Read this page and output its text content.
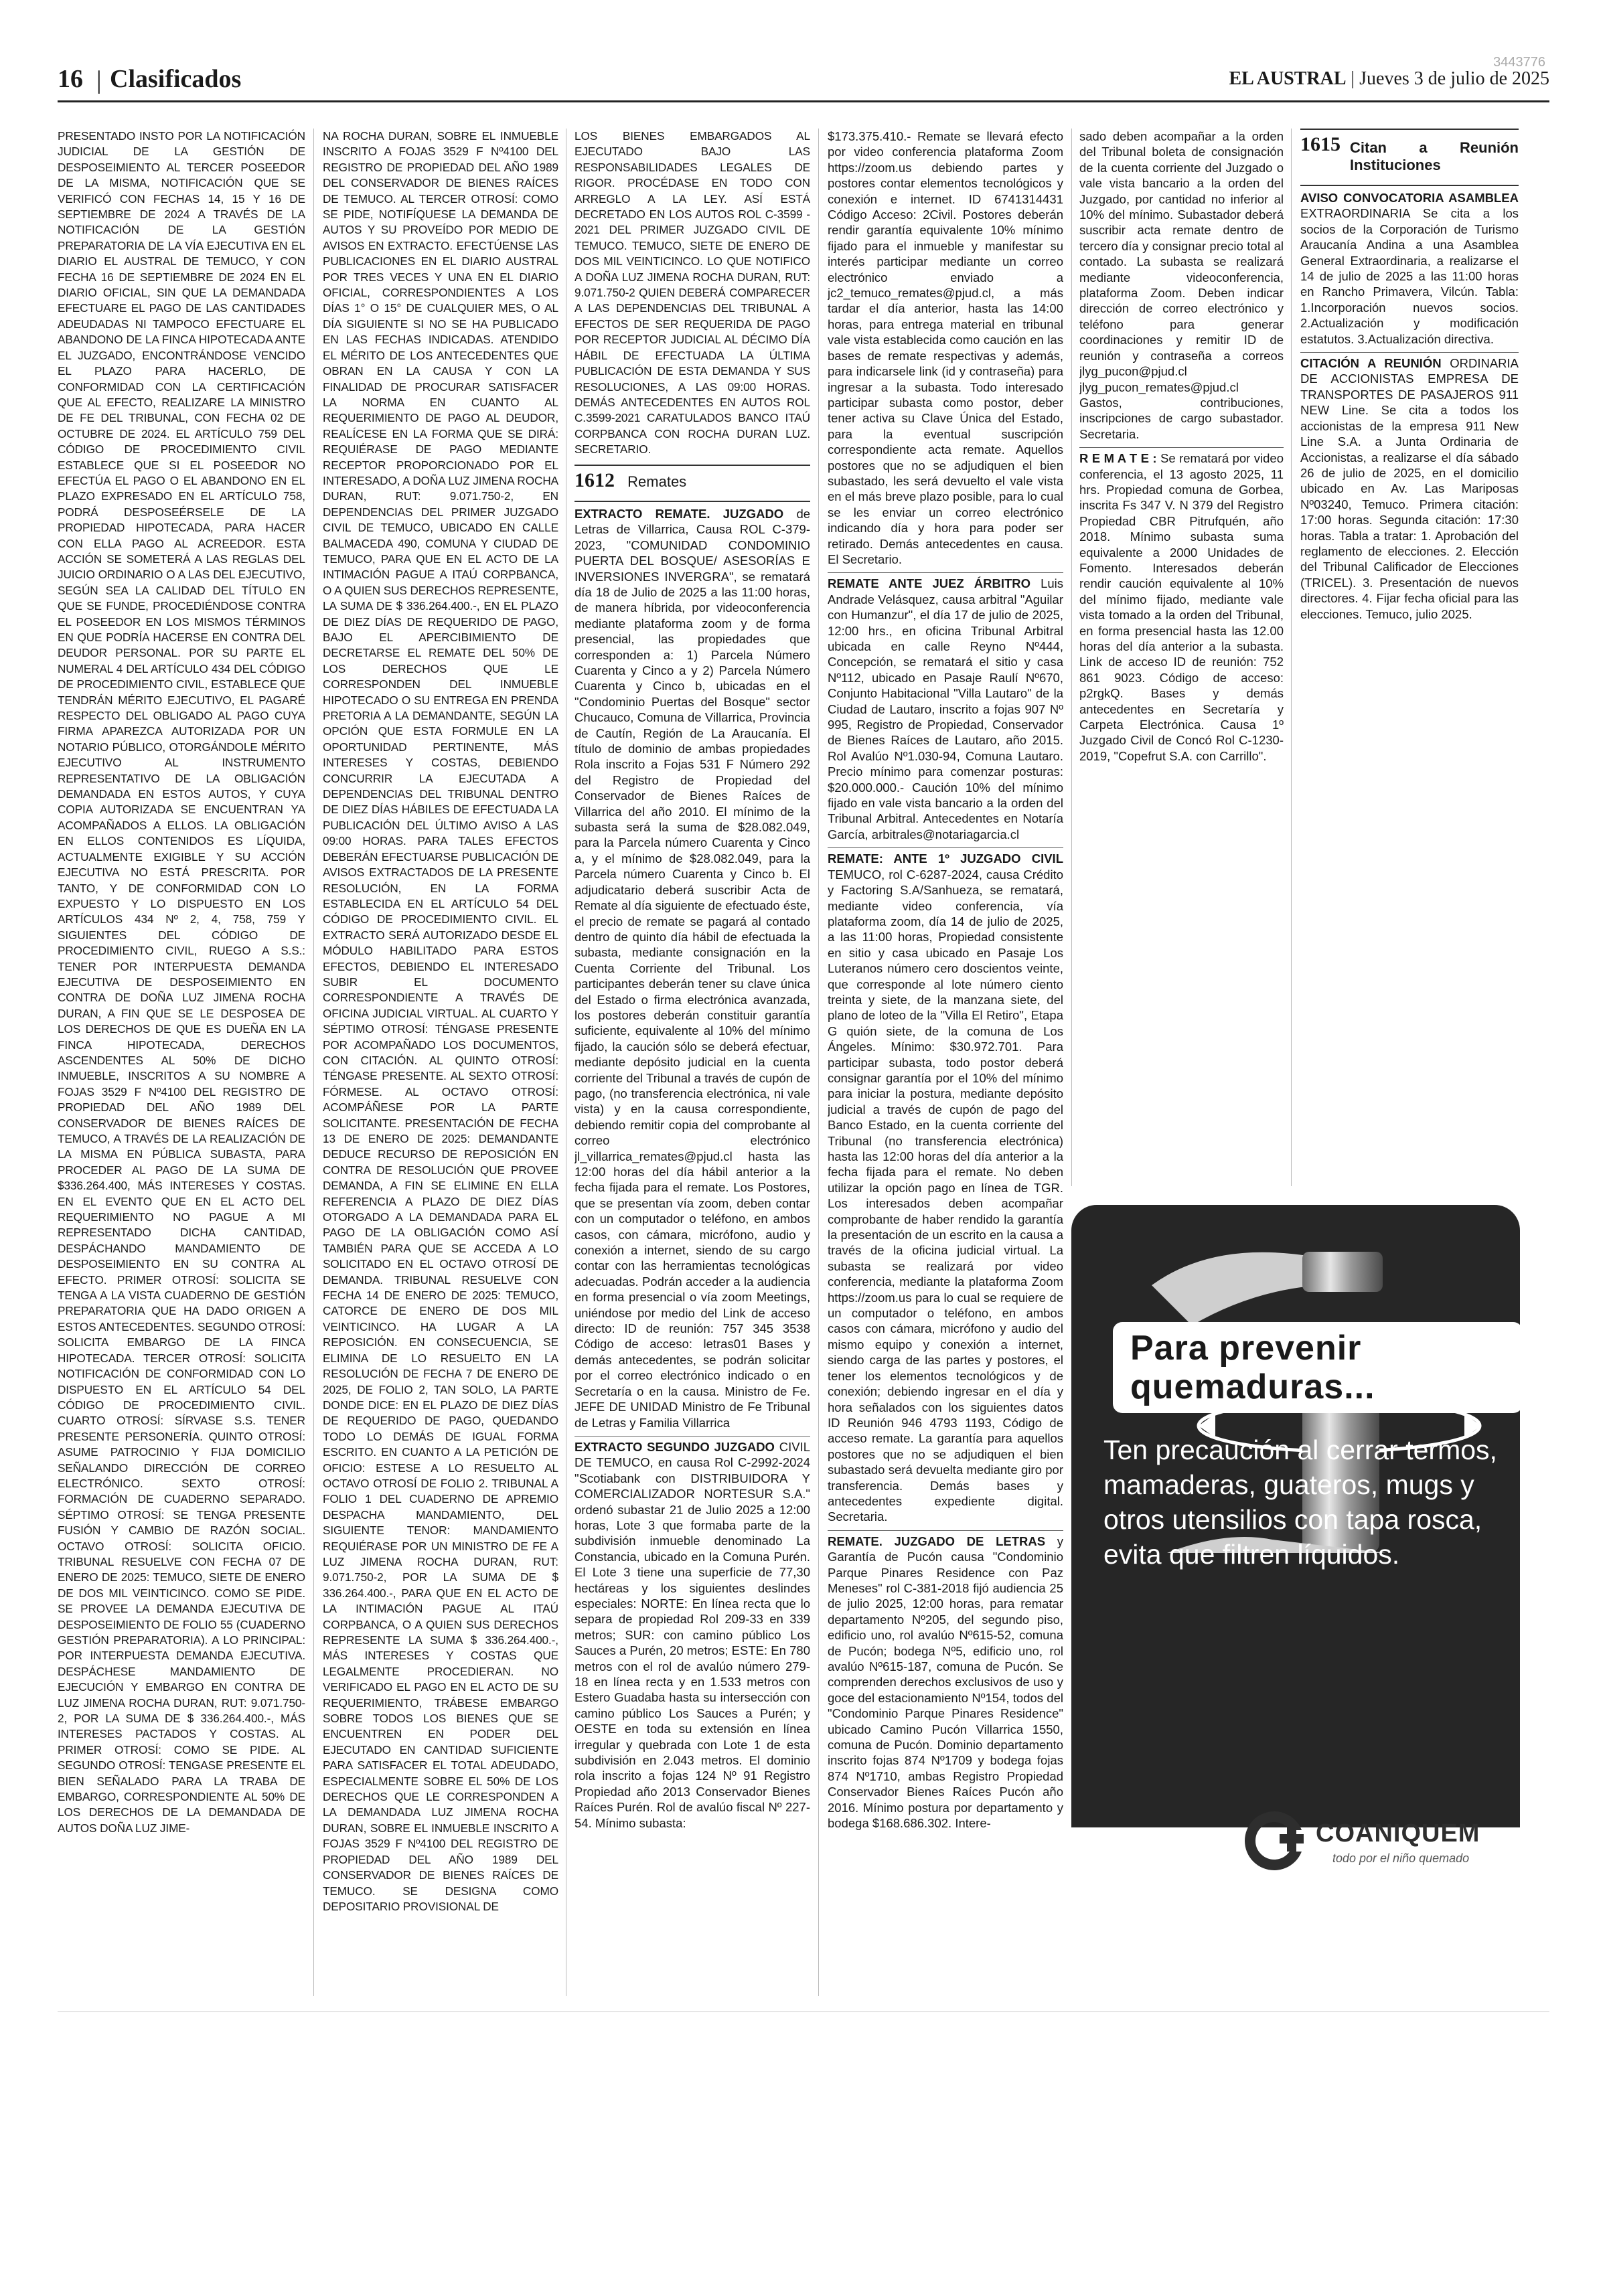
16 | Clasificados
3443776
EL AUSTRAL | Jueves 3 de julio de 2025

PRESENTADO INSTO POR LA NOTIFICACIÓN JUDICIAL DE LA GESTIÓN DE DESPOSEIMIENTO AL TERCER POSEEDOR DE LA MISMA, NOTIFICACIÓN QUE SE VERIFICÓ CON FECHAS 14, 15 Y 16 DE SEPTIEMBRE DE 2024 A TRAVÉS DE LA NOTIFICACIÓN DE LA GESTIÓN PREPARATORIA DE LA VÍA EJECUTIVA EN EL DIARIO EL AUSTRAL DE TEMUCO, Y CON FECHA 16 DE SEPTIEMBRE DE 2024 EN EL DIARIO OFICIAL, SIN QUE LA DEMANDADA EFECTUARE EL PAGO DE LAS CANTIDADES ADEUDADAS NI TAMPOCO EFECTUARE EL ABANDONO DE LA FINCA HIPOTECADA ANTE EL JUZGADO, ENCONTRÁNDOSE VENCIDO EL PLAZO PARA HACERLO, DE CONFORMIDAD CON LA CERTIFICACIÓN QUE AL EFECTO, REALIZARE LA MINISTRO DE FE DEL TRIBUNAL, CON FECHA 02 DE OCTUBRE DE 2024. EL ARTÍCULO 759 DEL CÓDIGO DE PROCEDIMIENTO CIVIL ESTABLECE QUE SI EL POSEEDOR NO EFECTÚA EL PAGO O EL ABANDONO EN EL PLAZO EXPRESADO EN EL ARTÍCULO 758, PODRÁ DESPOSEÉRSELE DE LA PROPIEDAD HIPOTECADA, PARA HACER CON ELLA PAGO AL ACREEDOR. ESTA ACCIÓN SE SOMETERÁ A LAS REGLAS DEL JUICIO ORDINARIO O A LAS DEL EJECUTIVO, SEGÚN SEA LA CALIDAD DEL TÍTULO EN QUE SE FUNDE, PROCEDIÉNDOSE CONTRA EL POSEEDOR EN LOS MISMOS TÉRMINOS EN QUE PODRÍA HACERSE EN CONTRA DEL DEUDOR PERSONAL. POR SU PARTE EL NUMERAL 4 DEL ARTÍCULO 434 DEL CÓDIGO DE PROCEDIMIENTO CIVIL, ESTABLECE QUE TENDRÁN MÉRITO EJECUTIVO, EL PAGARÉ RESPECTO DEL OBLIGADO AL PAGO CUYA FIRMA APAREZCA AUTORIZADA POR UN NOTARIO PÚBLICO, OTORGÁNDOLE MÉRITO EJECUTIVO AL INSTRUMENTO REPRESENTATIVO DE LA OBLIGACIÓN DEMANDADA EN ESTOS AUTOS, Y CUYA COPIA AUTORIZADA SE ENCUENTRAN YA ACOMPAÑADOS A ELLOS. LA OBLIGACIÓN EN ELLOS CONTENIDOS ES LÍQUIDA, ACTUALMENTE EXIGIBLE Y SU ACCIÓN EJECUTIVA NO ESTÁ PRESCRITA. POR TANTO, Y DE CONFORMIDAD CON LO EXPUESTO Y LO DISPUESTO EN LOS ARTÍCULOS 434 Nº 2, 4, 758, 759 Y SIGUIENTES DEL CÓDIGO DE PROCEDIMIENTO CIVIL, RUEGO A S.S.: TENER POR INTERPUESTA DEMANDA EJECUTIVA DE DESPOSEIMIENTO EN CONTRA DE DOÑA LUZ JIMENA ROCHA DURAN, A FIN QUE SE LE DESPOSEA DE LOS DERECHOS DE QUE ES DUEÑA EN LA FINCA HIPOTECADA, DERECHOS ASCENDENTES AL 50% DE DICHO INMUEBLE, INSCRITOS A SU NOMBRE A FOJAS 3529 F Nº4100 DEL REGISTRO DE PROPIEDAD DEL AÑO 1989 DEL CONSERVADOR DE BIENES RAÍCES DE TEMUCO, A TRAVÉS DE LA REALIZACIÓN DE LA MISMA EN PÚBLICA SUBASTA, PARA PROCEDER AL PAGO DE LA SUMA DE $336.264.400, MÁS INTERESES Y COSTAS. EN EL EVENTO QUE EN EL ACTO DEL REQUERIMIENTO NO PAGUE A MI REPRESENTADO DICHA CANTIDAD, DESPÁCHANDO MANDAMIENTO DE DESPOSEIMIENTO EN SU CONTRA AL EFECTO. PRIMER OTROSÍ: SOLICITA SE TENGA A LA VISTA CUADERNO DE GESTIÓN PREPARATORIA QUE HA DADO ORIGEN A ESTOS ANTECEDENTES. SEGUNDO OTROSÍ: SOLICITA EMBARGO DE LA FINCA HIPOTECADA. TERCER OTROSÍ: SOLICITA NOTIFICACIÓN DE CONFORMIDAD CON LO DISPUESTO EN EL ARTÍCULO 54 DEL CÓDIGO DE PROCEDIMIENTO CIVIL. CUARTO OTROSÍ: SÍRVASE S.S. TENER PRESENTE PERSONERÍA. QUINTO OTROSÍ: ASUME PATROCINIO Y FIJA DOMICILIO SEÑALANDO DIRECCIÓN DE CORREO ELECTRÓNICO. SEXTO OTROSÍ: FORMACIÓN DE CUADERNO SEPARADO. SÉPTIMO OTROSÍ: SE TENGA PRESENTE FUSIÓN Y CAMBIO DE RAZÓN SOCIAL. OCTAVO OTROSÍ: SOLICITA OFICIO. TRIBUNAL RESUELVE CON FECHA 07 DE ENERO DE 2025: TEMUCO, SIETE DE ENERO DE DOS MIL VEINTICINCO. COMO SE PIDE. SE PROVEE LA DEMANDA EJECUTIVA DE DESPOSEIMIENTO DE FOLIO 55 (CUADERNO GESTIÓN PREPARATORIA). A LO PRINCIPAL: POR INTERPUESTA DEMANDA EJECUTIVA. DESPÁCHESE MANDAMIENTO DE EJECUCIÓN Y EMBARGO EN CONTRA DE LUZ JIMENA ROCHA DURAN, RUT: 9.071.750-2, POR LA SUMA DE $ 336.264.400.-, MÁS INTERESES PACTADOS Y COSTAS. AL PRIMER OTROSÍ: COMO SE PIDE. AL SEGUNDO OTROSÍ: TENGASE PRESENTE EL BIEN SEÑALADO PARA LA TRABA DE EMBARGO, CORRESPONDIENTE AL 50% DE LOS DERECHOS DE LA DEMANDADA DE AUTOS DOÑA LUZ JIME-

NA ROCHA DURAN, SOBRE EL INMUEBLE INSCRITO A FOJAS 3529 F Nº4100 DEL REGISTRO DE PROPIEDAD DEL AÑO 1989 DEL CONSERVADOR DE BIENES RAÍCES DE TEMUCO. AL TERCER OTROSÍ: COMO SE PIDE, NOTIFÍQUESE LA DEMANDA DE AUTOS Y SU PROVEÍDO POR MEDIO DE AVISOS EN EXTRACTO. EFECTÚENSE LAS PUBLICACIONES EN EL DIARIO AUSTRAL POR TRES VECES Y UNA EN EL DIARIO OFICIAL, CORRESPONDIENTES A LOS DÍAS 1° O 15° DE CUALQUIER MES, O AL DÍA SIGUIENTE SI NO SE HA PUBLICADO EN LAS FECHAS INDICADAS. ATENDIDO EL MÉRITO DE LOS ANTECEDENTES QUE OBRAN EN LA CAUSA Y CON LA FINALIDAD DE PROCURAR SATISFACER LA NORMA EN CUANTO AL REQUERIMIENTO DE PAGO AL DEUDOR, REALÍCESE EN LA FORMA QUE SE DIRÁ: REQUIÉRASE DE PAGO MEDIANTE RECEPTOR PROPORCIONADO POR EL INTERESADO, A DOÑA LUZ JIMENA ROCHA DURAN, RUT: 9.071.750-2, EN DEPENDENCIAS DEL PRIMER JUZGADO CIVIL DE TEMUCO, UBICADO EN CALLE BALMACEDA 490, COMUNA Y CIUDAD DE TEMUCO, PARA QUE EN EL ACTO DE LA INTIMACIÓN PAGUE A ITAÚ CORPBANCA, O A QUIEN SUS DERECHOS REPRESENTE, LA SUMA DE $ 336.264.400.-, EN EL PLAZO DE DIEZ DÍAS DE REQUERIDO DE PAGO, BAJO EL APERCIBIMIENTO DE DECRETARSE EL REMATE DEL 50% DE LOS DERECHOS QUE LE CORRESPONDEN DEL INMUEBLE HIPOTECADO O SU ENTREGA EN PRENDA PRETORIA A LA DEMANDANTE, SEGÚN LA OPCIÓN QUE ESTA FORMULE EN LA OPORTUNIDAD PERTINENTE, MÁS INTERESES Y COSTAS, DEBIENDO CONCURRIR LA EJECUTADA A DEPENDENCIAS DEL TRIBUNAL DENTRO DE DIEZ DÍAS HÁBILES DE EFECTUADA LA PUBLICACIÓN DEL ÚLTIMO AVISO A LAS 09:00 HORAS. PARA TALES EFECTOS DEBERÁN EFECTUARSE PUBLICACIÓN DE AVISOS EXTRACTADOS DE LA PRESENTE RESOLUCIÓN, EN LA FORMA ESTABLECIDA EN EL ARTÍCULO 54 DEL CÓDIGO DE PROCEDIMIENTO CIVIL. EL EXTRACTO SERÁ AUTORIZADO DESDE EL MÓDULO HABILITADO PARA ESTOS EFECTOS, DEBIENDO EL INTERESADO SUBIR EL DOCUMENTO CORRESPONDIENTE A TRAVÉS DE OFICINA JUDICIAL VIRTUAL. AL CUARTO Y SÉPTIMO OTROSÍ: TÉNGASE PRESENTE POR ACOMPAÑADO LOS DOCUMENTOS, CON CITACIÓN. AL QUINTO OTROSÍ: TÉNGASE PRESENTE. AL SEXTO OTROSÍ: FÓRMESE. AL OCTAVO OTROSÍ: ACOMPÁÑESE POR LA PARTE SOLICITANTE. PRESENTACIÓN DE FECHA 13 DE ENERO DE 2025: DEMANDANTE DEDUCE RECURSO DE REPOSICIÓN EN CONTRA DE RESOLUCIÓN QUE PROVEE DEMANDA, A FIN SE ELIMINE EN ELLA REFERENCIA A PLAZO DE DIEZ DÍAS OTORGADO A LA DEMANDADA PARA EL PAGO DE LA OBLIGACIÓN COMO ASÍ TAMBIÉN PARA QUE SE ACCEDA A LO SOLICITADO EN EL OCTAVO OTROSÍ DE DEMANDA. TRIBUNAL RESUELVE CON FECHA 14 DE ENERO DE 2025: TEMUCO, CATORCE DE ENERO DE DOS MIL VEINTICINCO. HA LUGAR A LA REPOSICIÓN. EN CONSECUENCIA, SE ELIMINA DE LO RESUELTO EN LA RESOLUCIÓN DE FECHA 7 DE ENERO DE 2025, DE FOLIO 2, TAN SOLO, LA PARTE DONDE DICE: EN EL PLAZO DE DIEZ DÍAS DE REQUERIDO DE PAGO, QUEDANDO TODO LO DEMÁS DE IGUAL FORMA ESCRITO. EN CUANTO A LA PETICIÓN DE OFICIO: ESTESE A LO RESUELTO AL OCTAVO OTROSÍ DE FOLIO 2. TRIBUNAL A FOLIO 1 DEL CUADERNO DE APREMIO DESPACHA MANDAMIENTO, DEL SIGUIENTE TENOR: MANDAMIENTO REQUIÉRASE POR UN MINISTRO DE FE A LUZ JIMENA ROCHA DURAN, RUT: 9.071.750-2, POR LA SUMA DE $ 336.264.400.-, PARA QUE EN EL ACTO DE LA INTIMACIÓN PAGUE AL ITAÚ CORPBANCA, O A QUIEN SUS DERECHOS REPRESENTE LA SUMA $ 336.264.400.-, MÁS INTERESES Y COSTAS QUE LEGALMENTE PROCEDIERAN. NO VERIFICADO EL PAGO EN EL ACTO DE SU REQUERIMIENTO, TRÁBESE EMBARGO SOBRE TODOS LOS BIENES QUE SE ENCUENTREN EN PODER DEL EJECUTADO EN CANTIDAD SUFICIENTE PARA SATISFACER EL TOTAL ADEUDADO, ESPECIALMENTE SOBRE EL 50% DE LOS DERECHOS QUE LE CORRESPONDEN A LA DEMANDADA LUZ JIMENA ROCHA DURAN, SOBRE EL INMUEBLE INSCRITO A FOJAS 3529 F Nº4100 DEL REGISTRO DE PROPIEDAD DEL AÑO 1989 DEL CONSERVADOR DE BIENES RAÍCES DE TEMUCO. SE DESIGNA COMO DEPOSITARIO PROVISIONAL DE

LOS BIENES EMBARGADOS AL EJECUTADO BAJO LAS RESPONSABILIDADES LEGALES DE RIGOR. PROCÉDASE EN TODO CON ARREGLO A LA LEY. ASÍ ESTÁ DECRETADO EN LOS AUTOS ROL C-3599 - 2021 DEL PRIMER JUZGADO CIVIL DE TEMUCO. TEMUCO, SIETE DE ENERO DE DOS MIL VEINTICINCO. LO QUE NOTIFICO A DOÑA LUZ JIMENA ROCHA DURAN, RUT: 9.071.750-2 QUIEN DEBERÁ COMPARECER A LAS DEPENDENCIAS DEL TRIBUNAL A EFECTOS DE SER REQUERIDA DE PAGO POR RECEPTOR JUDICIAL AL DÉCIMO DÍA HÁBIL DE EFECTUADA LA ÚLTIMA PUBLICACIÓN DE ESTA DEMANDA Y SUS RESOLUCIONES, A LAS 09:00 HORAS. DEMÁS ANTECEDENTES EN AUTOS ROL C.3599-2021 CARATULADOS BANCO ITAÚ CORPBANCA CON ROCHA DURAN LUZ. SECRETARIO.

1612 Remates

EXTRACTO REMATE. JUZGADO de Letras de Villarrica, Causa ROL C-379-2023, "COMUNIDAD CONDOMINIO PUERTA DEL BOSQUE/ ASESORÍAS E INVERSIONES INVERGRA", se rematará día 18 de Julio de 2025 a las 11:00 horas, de manera híbrida, por videoconferencia mediante plataforma zoom y de forma presencial, las propiedades que corresponden a: 1) Parcela Número Cuarenta y Cinco a y 2) Parcela Número Cuarenta y Cinco b, ubicadas en el "Condominio Puertas del Bosque" sector Chucauco, Comuna de Villarrica, Provincia de Cautín, Región de La Araucanía. El título de dominio de ambas propiedades Rola inscrito a Fojas 531 F Número 292 del Registro de Propiedad del Conservador de Bienes Raíces de Villarrica del año 2010. El mínimo de la subasta será la suma de $28.082.049, para la Parcela número Cuarenta y Cinco a, y el mínimo de $28.082.049, para la Parcela número Cuarenta y Cinco b. El adjudicatario deberá suscribir Acta de Remate al día siguiente de efectuado éste, el precio de remate se pagará al contado dentro de quinto día hábil de efectuada la subasta, mediante consignación en la Cuenta Corriente del Tribunal. Los participantes deberán tener su clave única del Estado o firma electrónica avanzada, los postores deberán constituir garantía suficiente, equivalente al 10% del mínimo fijado, la caución sólo se deberá efectuar, mediante depósito judicial en la cuenta corriente del Tribunal a través de cupón de pago, (no transferencia electrónica, ni vale vista) y en la causa correspondiente, debiendo remitir copia del comprobante al correo electrónico jl_villarrica_remates@pjud.cl hasta las 12:00 horas del día hábil anterior a la fecha fijada para el remate. Los Postores, que se presentan vía zoom, deben contar con un computador o teléfono, en ambos casos, con cámara, micrófono, audio y conexión a internet, siendo de su cargo contar con las herramientas tecnológicas adecuadas. Podrán acceder a la audiencia en forma presencial o vía zoom Meetings, uniéndose por medio del Link de acceso directo: ID de reunión: 757 345 3538 Código de acceso: letras01 Bases y demás antecedentes, se podrán solicitar por el correo electrónico indicado o en Secretaría o en la causa. Ministro de Fe. JEFE DE UNIDAD Ministro de Fe Tribunal de Letras y Familia Villarrica

EXTRACTO SEGUNDO JUZGADO CIVIL DE TEMUCO, en causa Rol C-2992-2024 "Scotiabank con DISTRIBUIDORA Y COMERCIALIZADOR NORTESUR S.A." ordenó subastar 21 de Julio 2025 a 12:00 horas, Lote 3 que formaba parte de la subdivisión inmueble denominado La Constancia, ubicado en la Comuna Purén. El Lote 3 tiene una superficie de 77,30 hectáreas y los siguientes deslindes especiales: NORTE: En línea recta que lo separa de propiedad Rol 209-33 en 339 metros; SUR: con camino público Los Sauces a Purén, 20 metros; ESTE: En 780 metros con el rol de avalúo número 279-18 en línea recta y en 1.533 metros con Estero Guadaba hasta su intersección con camino público Los Sauces a Purén; y OESTE en toda su extensión en línea irregular y quebrada con Lote 1 de esta subdivisión en 2.043 metros. El dominio rola inscrito a fojas 124 Nº 91 Registro Propiedad año 2013 Conservador Bienes Raíces Purén. Rol de avalúo fiscal Nº 227-54. Mínimo subasta:

$173.375.410.- Remate se llevará efecto por video conferencia plataforma Zoom https://zoom.us debiendo partes y postores contar elementos tecnológicos y conexión e internet. ID 6741314431 Código Acceso: 2Civil. Postores deberán rendir garantía equivalente 10% mínimo fijado para el inmueble y manifestar su interés participar mediante un correo electrónico enviado a jc2_temuco_remates@pjud.cl, a más tardar el día anterior, hasta las 14:00 horas, para entrega material en tribunal vale vista establecida como caución en las bases de remate respectivas y además, para indicarsele link (id y contraseña) para ingresar a la subasta. Todo interesado participar subasta como postor, deber tener activa su Clave Única del Estado, para la eventual suscripción correspondiente acta remate. Aquellos postores que no se adjudiquen el bien subastado, les será devuelto el vale vista en el más breve plazo posible, para lo cual se les enviar un correo electrónico indicando día y hora para poder ser retirado. Demás antecedentes en causa. El Secretario.

REMATE ANTE JUEZ ÁRBITRO Luis Andrade Velásquez, causa arbitral "Aguilar con Humanzur", el día 17 de julio de 2025, 12:00 hrs., en oficina Tribunal Arbitral ubicada en calle Reyno Nº444, Concepción, se rematará el sitio y casa Nº112, ubicado en Pasaje Raulí Nº670, Conjunto Habitacional "Villa Lautaro" de la Ciudad de Lautaro, inscrito a fojas 907 Nº 995, Registro de Propiedad, Conservador de Bienes Raíces de Lautaro, año 2015. Rol Avalúo Nº1.030-94, Comuna Lautaro. Precio mínimo para comenzar posturas: $20.000.000.- Caución 10% del mínimo fijado en vale vista bancario a la orden del Tribunal Arbitral. Antecedentes en Notaría García, arbitrales@notariagarcia.cl

REMATE: ANTE 1º JUZGADO CIVIL TEMUCO, rol C-6287-2024, causa Crédito y Factoring S.A/Sanhueza, se rematará, mediante video conferencia, vía plataforma zoom, día 14 de julio de 2025, a las 11:00 horas, Propiedad consistente en sitio y casa ubicado en Pasaje Los Luteranos número cero doscientos veinte, que corresponde al lote número ciento treinta y siete, de la manzana siete, del plano de loteo de la "Villa El Retiro", Etapa G quión siete, de la comuna de Los Ángeles. Mínimo: $30.972.701. Para participar subasta, todo postor deberá consignar garantía por el 10% del mínimo para iniciar la postura, mediante depósito judicial a través de cupón de pago del Banco Estado, en la cuenta corriente del Tribunal (no transferencia electrónica) hasta las 12:00 horas del día anterior a la fecha fijada para el remate. No deben utilizar la opción pago en línea de TGR. Los interesados deben acompañar comprobante de haber rendido la garantía la presentación de un escrito en la causa a través de la oficina judicial virtual. La subasta se realizará por video conferencia, mediante la plataforma Zoom https://zoom.us para lo cual se requiere de un computador o teléfono, en ambos casos con cámara, micrófono y audio del mismo equipo y conexión a internet, siendo carga de las partes y postores, el tener los elementos tecnológicos y de conexión; debiendo ingresar en el día y hora señalados con los siguientes datos ID Reunión 946 4793 1193, Código de acceso remate. La garantía para aquellos postores que no se adjudiquen el bien subastado será devuelta mediante giro por transferencia. Demás bases y antecedentes expediente digital. Secretaria.

REMATE. JUZGADO DE LETRAS y Garantía de Pucón causa "Condominio Parque Pinares Residence con Paz Meneses" rol C-381-2018 fijó audiencia 25 de julio 2025, 12:00 horas, para rematar departamento Nº205, del segundo piso, edificio uno, rol avalúo Nº615-52, comuna de Pucón; bodega Nº5, edificio uno, rol avalúo Nº615-187, comuna de Pucón. Se comprenden derechos exclusivos de uso y goce del estacionamiento Nº154, todos del "Condominio Parque Pinares Residence" ubicado Camino Pucón Villarrica 1550, comuna de Pucón. Dominio departamento inscrito fojas 874 Nº1709 y bodega fojas 874 Nº1710, ambas Registro Propiedad Conservador Bienes Raíces Pucón año 2016. Mínimo postura por departamento y bodega $168.686.302. Intere-

sado deben acompañar a la orden del Tribunal boleta de consignación de la cuenta corriente del Juzgado o vale vista bancario a la orden del Juzgado, por cantidad no inferior al 10% del mínimo. Subastador deberá suscribir acta remate dentro de tercero día y consignar precio total al contado. La subasta se realizará mediante videoconferencia, plataforma Zoom. Deben indicar dirección de correo electrónico y teléfono para generar coordinaciones y remitir ID de reunión y contraseña a correos jlyg_pucon@pjud.cl jlyg_pucon_remates@pjud.cl Gastos, contribuciones, inscripciones de cargo subastador. Secretaria.

R E M A T E : Se rematará por video conferencia, el 13 agosto 2025, 11 hrs. Propiedad comuna de Gorbea, inscrita Fs 347 V. N 379 del Registro Propiedad CBR Pitrufquén, año 2018. Mínimo subasta suma equivalente a 2000 Unidades de Fomento. Interesados deberán rendir caución equivalente al 10% del mínimo fijado, mediante vale vista tomado a la orden del Tribunal, en forma presencial hasta las 12.00 horas del día anterior a la subasta. Link de acceso ID de reunión: 752 861 9023. Código de acceso: p2rgkQ. Bases y demás antecedentes en Secretaría y Carpeta Electrónica. Causa 1º Juzgado Civil de Concó Rol C-1230-2019, "Copefrut S.A. con Carrillo".

1615 Citan a Reunión Instituciones

AVISO CONVOCATORIA ASAMBLEA EXTRAORDINARIA Se cita a los socios de la Corporación de Turismo Araucanía Andina a una Asamblea General Extraordinaria, a realizarse el 14 de julio de 2025 a las 11:00 horas en Rancho Primavera, Vilcún. Tabla: 1.Incorporación nuevos socios. 2.Actualización y modificación estatutos. 3.Actualización directiva.

CITACIÓN A REUNIÓN ORDINARIA DE ACCIONISTAS EMPRESA DE TRANSPORTES DE PASAJEROS 911 NEW Line. Se cita a todos los accionistas de la empresa 911 New Line S.A. a Junta Ordinaria de Accionistas, a realizarse el día sábado 26 de julio de 2025, en el domicilio ubicado en Av. Las Mariposas Nº03240, Temuco. Primera citación: 17:00 horas. Segunda citación: 17:30 horas. Tabla a tratar: 1. Aprobación del reglamento de elecciones. 2. Elección del Tribunal Calificador de Elecciones (TRICEL). 3. Presentación de nuevos directores. 4. Fijar fecha oficial para las elecciones. Temuco, julio 2025.

Para prevenir quemaduras...
Ten precaución al cerrar termos, mamaderas, guateros, mugs y otros utensilios con tapa rosca, evita que filtren líquidos.
COANIQUEM
todo por el niño quemado
